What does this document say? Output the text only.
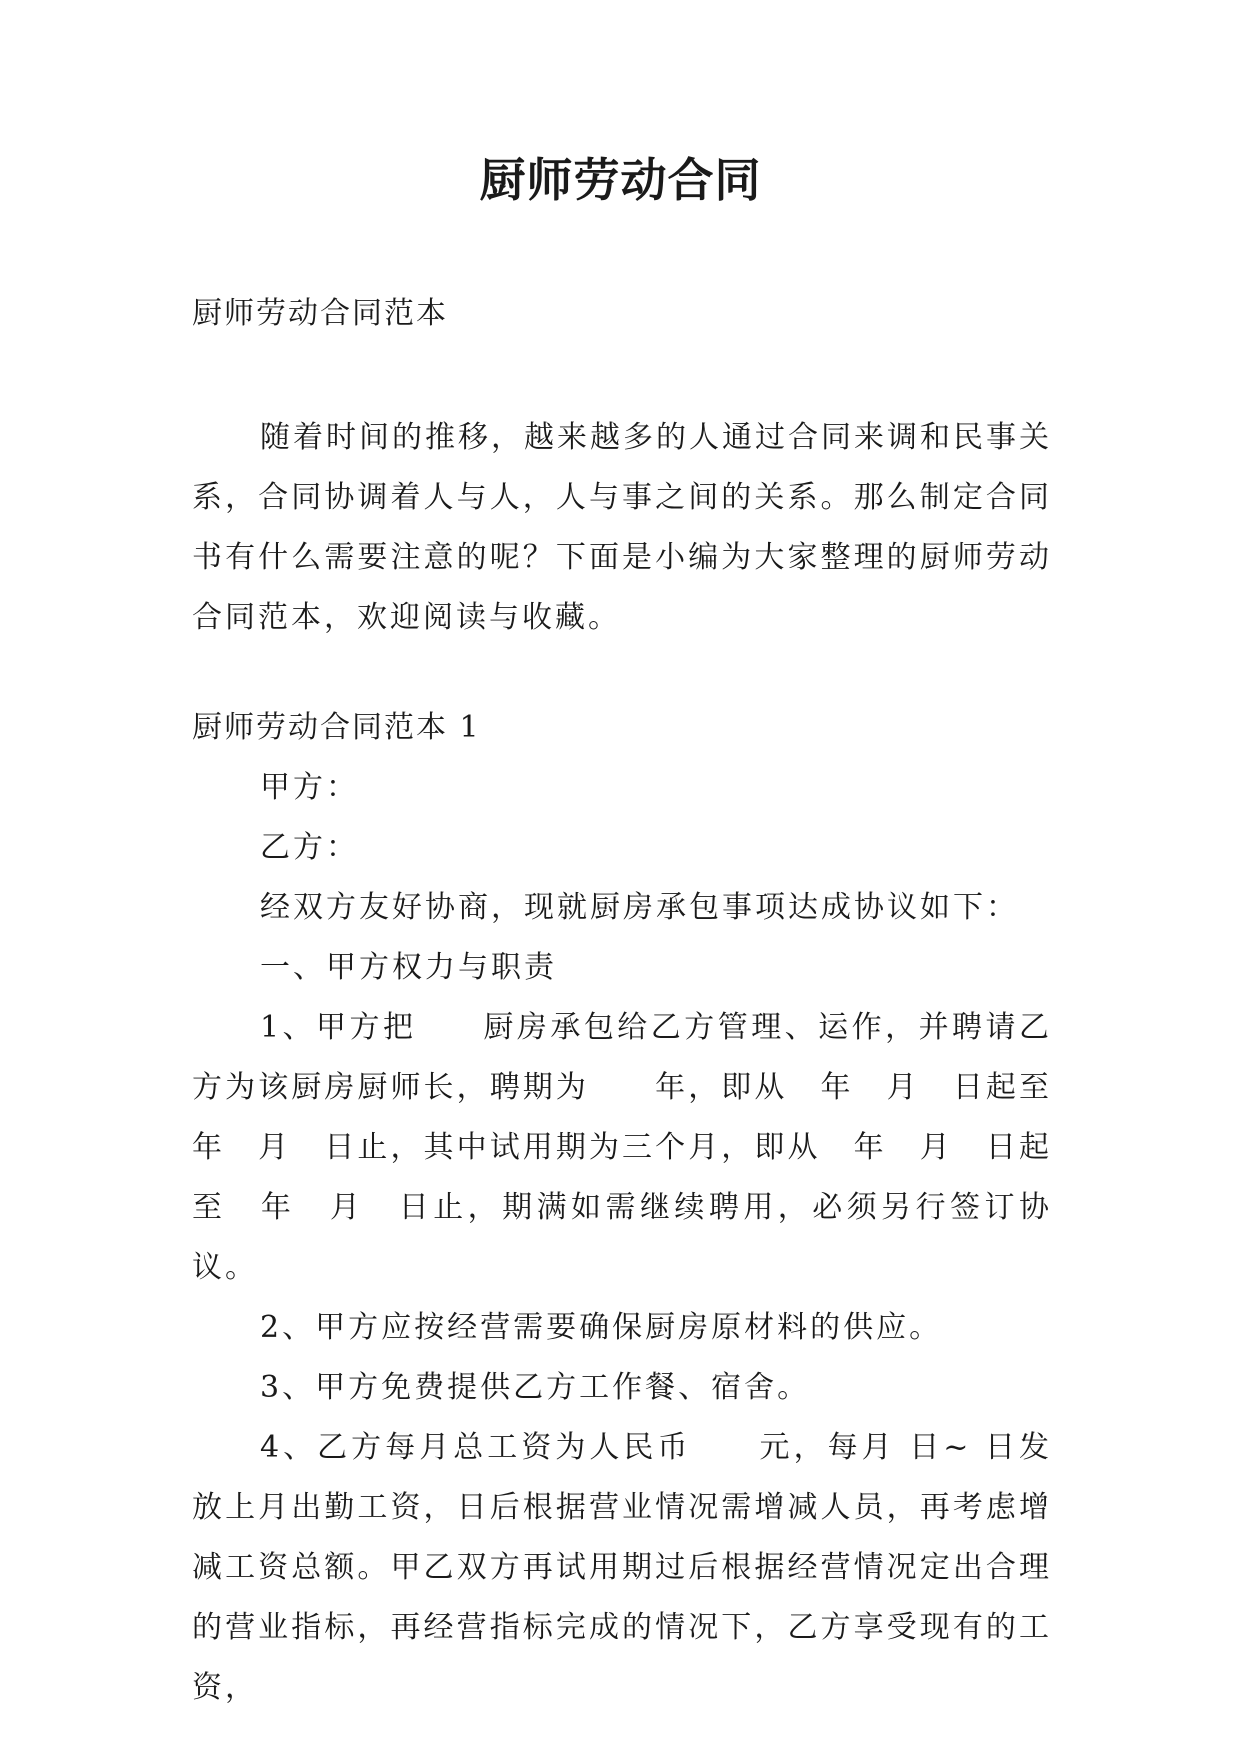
厨师劳动合同

厨师劳动合同范本

随着时间的推移，越来越多的人通过合同来调和民事关系，合同协调着人与人，人与事之间的关系。那么制定合同书有什么需要注意的呢？下面是小编为大家整理的厨师劳动合同范本，欢迎阅读与收藏。

厨师劳动合同范本 1

甲方：

乙方：

经双方友好协商，现就厨房承包事项达成协议如下：

一、甲方权力与职责

1、甲方把　　厨房承包给乙方管理、运作，并聘请乙方为该厨房厨师长，聘期为　　年，即从　年　月　日起至　年　月　日止，其中试用期为三个月，即从　年　月　日起至　年　月　日止，期满如需继续聘用，必须另行签订协议。

2、甲方应按经营需要确保厨房原材料的供应。

3、甲方免费提供乙方工作餐、宿舍。

4、乙方每月总工资为人民币　　元，每月 日~ 日发放上月出勤工资，日后根据营业情况需增减人员，再考虑增减工资总额。甲乙双方再试用期过后根据经营情况定出合理的营业指标，再经营指标完成的情况下，乙方享受现有的工资，
